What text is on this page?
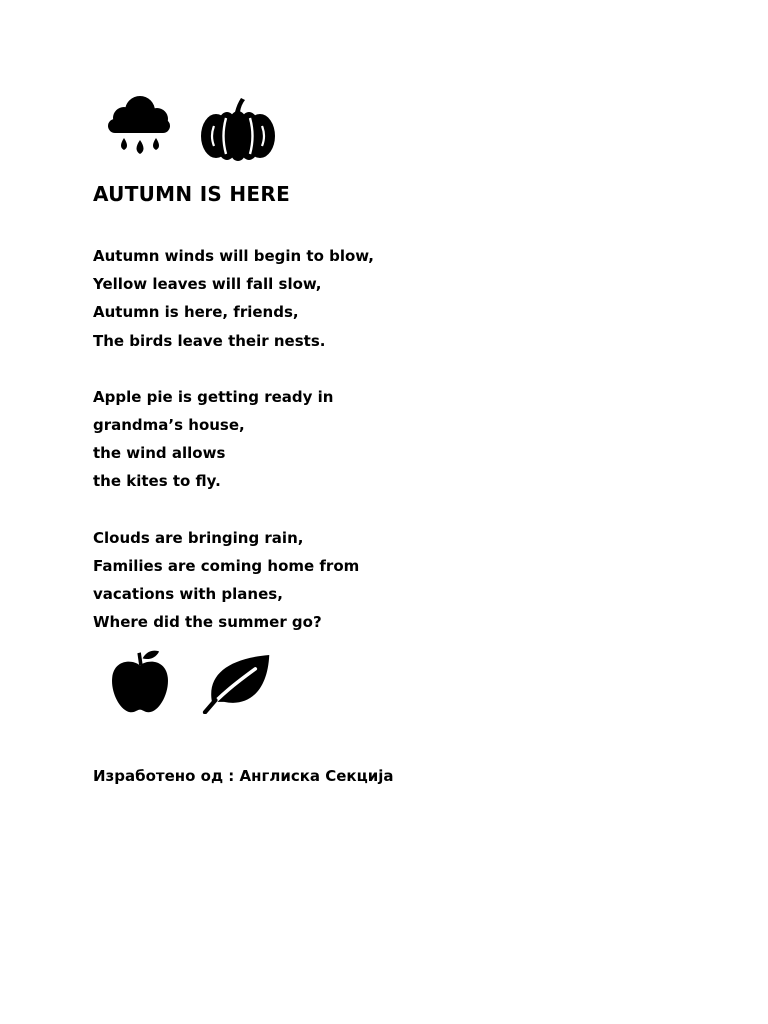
AUTUMN IS HERE
Autumn winds will begin to blow,
Yellow leaves will fall slow,
Autumn is here, friends,
The birds leave their nests.
Apple pie is getting ready in
grandma’s house,
the wind allows
the kites to fly.
Clouds are bringing rain,
Families are coming home from
vacations with planes,
Where did the summer go?
Изработено од : Англиска Секција
